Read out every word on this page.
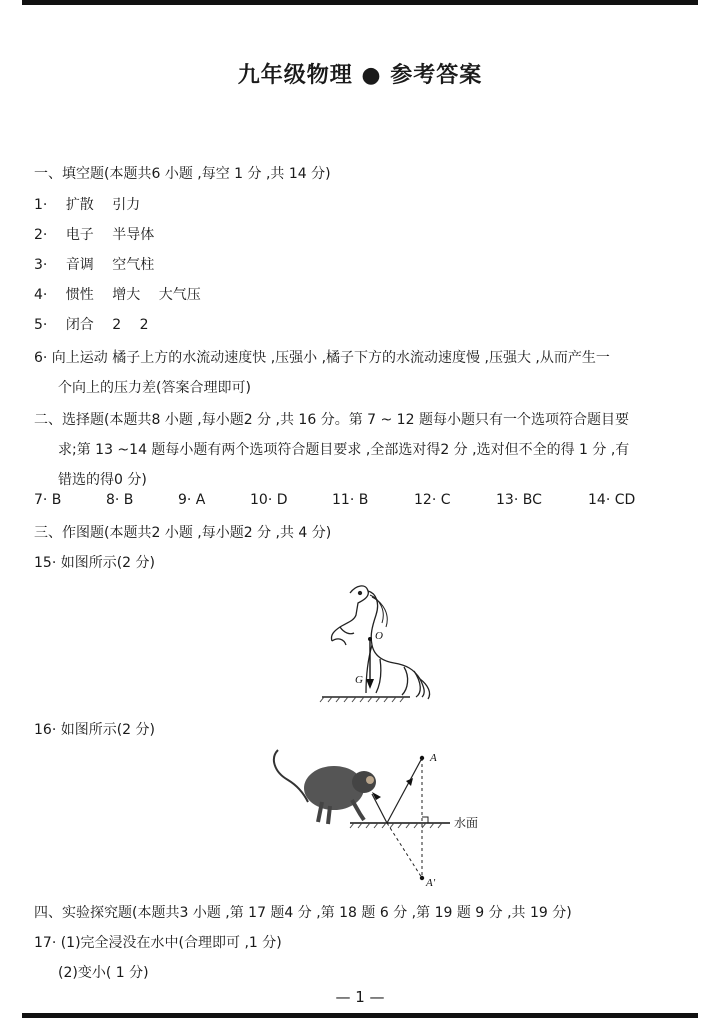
九年级物理 ● 参考答案
一、填空题(本题共6 小题 ,每空 1 分 ,共 14 分)
1· 扩散 引力
2· 电子 半导体
3· 音调 空气柱
4· 惯性 增大 大气压
5· 闭合 2 2
6· 向上运动 橘子上方的水流动速度快 ,压强小 ,橘子下方的水流动速度慢 ,压强大 ,从而产生一
个向上的压力差(答案合理即可)
二、选择题(本题共8 小题 ,每小题2 分 ,共 16 分。第 7 ~ 12 题每小题只有一个选项符合题目要
求;第 13 ~14 题每小题有两个选项符合题目要求 ,全部选对得2 分 ,选对但不全的得 1 分 ,有
错选的得0 分)
7· B	8· B	9· A	10· D	11· B	12· C	13· BC	14· CD
三、作图题(本题共2 小题 ,每小题2 分 ,共 4 分)
15· 如图所示(2 分)
O
G
16· 如图所示(2 分)
A
A′
水面
四、实验探究题(本题共3 小题 ,第 17 题4 分 ,第 18 题 6 分 ,第 19 题 9 分 ,共 19 分)
17· (1)完全浸没在水中(合理即可 ,1 分)
(2)变小( 1 分)
— 1 —
